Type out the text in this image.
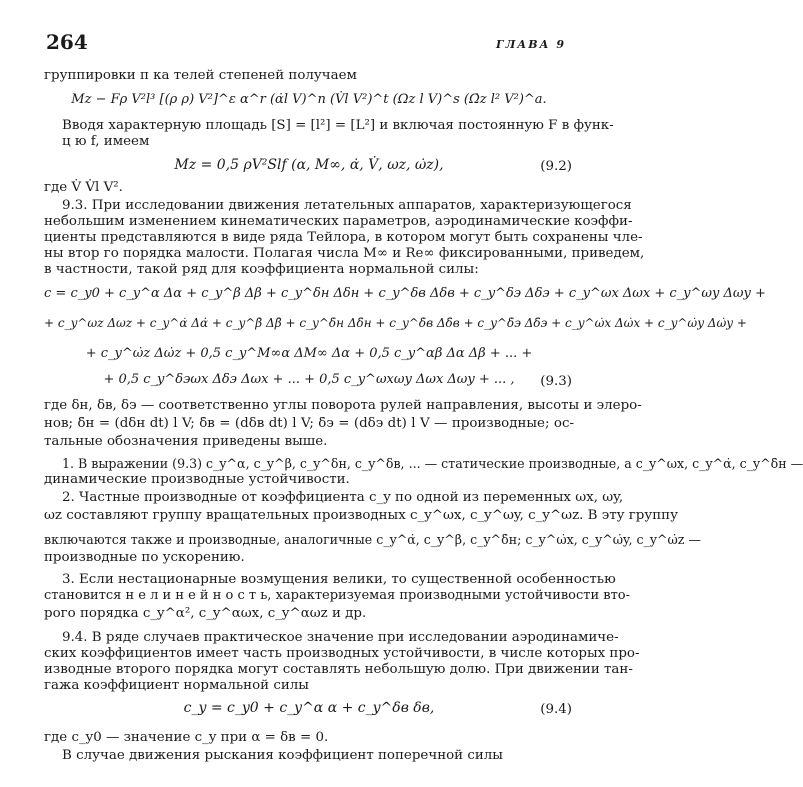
264	ГЛАВА 9
группировки п ка телей степеней получаем
Mz − Fρ V²l³ [(ρ ρ) V²]^ε α^r (α̇l V)^n (V̇l V²)^t (Ωz l V)^s (Ω̇z l² V²)^a.
Вводя характерную площадь [S] = [l²] = [L²] и включая постоянную F в функ-
ц ю f, имеем
Mz = 0,5 ρV²Slf (α, M∞, α̇, V̇, ωz, ω̇z),	(9.2)
где V̇ V̇l V².
9.3. При исследовании движения летательных аппаратов, характеризующегося
небольшим изменением кинематических параметров, аэродинамические коэффи-
циенты представляются в виде ряда Тейлора, в котором могут быть сохранены чле-
ны втор го порядка малости. Полагая числа M∞ и Re∞ фиксированными, приведем,
в частности, такой ряд для коэффициента нормальной силы:
c = c_y0 + c_y^α Δα + c_y^β Δβ + c_y^δн Δδн + c_y^δв Δδв + c_y^δэ Δδэ + c_y^ωx Δωx + c_y^ωy Δωy +
+ c_y^ωz Δωz + c_y^α̇ Δα̇ + c_y^β̇ Δβ̇ + c_y^δ̇н Δδ̇н + c_y^δ̇в Δδ̇в + c_y^δ̇э Δδ̇э + c_y^ω̇x Δω̇x + c_y^ω̇y Δω̇y +
+ c_y^ω̇z Δω̇z + 0,5 c_y^M∞α ΔM∞ Δα + 0,5 c_y^αβ Δα Δβ + ... +
+ 0,5 c_y^δэωx Δδэ Δωx + ... + 0,5 c_y^ωxωy Δωx Δωy + ... ,	(9.3)
где δн, δв, δэ — соответственно углы поворота рулей направления, высоты и элеро-
нов; δ̇н = (dδн dt) l V; δ̇в = (dδв dt) l V; δ̇э = (dδэ dt) l V — производные; ос-
тальные обозначения приведены выше.
1. В выражении (9.3) c_y^α, c_y^β, c_y^δн, c_y^δв, ... — статические производные, а c_y^ωx, c_y^α̇, c_y^δ̇н —
динамические производные устойчивости.
2. Частные производные от коэффициента c_y по одной из переменных ωx, ωy,
ωz составляют группу вращательных производных c_y^ωx, c_y^ωy, c_y^ωz. В эту группу
включаются также и производные, аналогичные c_y^α̇, c_y^β̇, c_y^δ̇н; c_y^ω̇x, c_y^ω̇y, c_y^ω̇z —
производные по ускорению.
3. Если нестационарные возмущения велики, то существенной особенностью
становится н е л и н е й н о с т ь, характеризуемая производными устойчивости вто-
рого порядка c_y^α², c_y^αωx, c_y^αωz и др.
9.4. В ряде случаев практическое значение при исследовании аэродинамиче-
ских коэффициентов имеет часть производных устойчивости, в числе которых про-
изводные второго порядка могут составлять небольшую долю. При движении тан-
гажа коэффициент нормальной силы
c_y = c_y0 + c_y^α α + c_y^δв δв,	(9.4)
где c_y0 — значение c_y при α = δв = 0.
В случае движения рыскания коэффициент поперечной силы
